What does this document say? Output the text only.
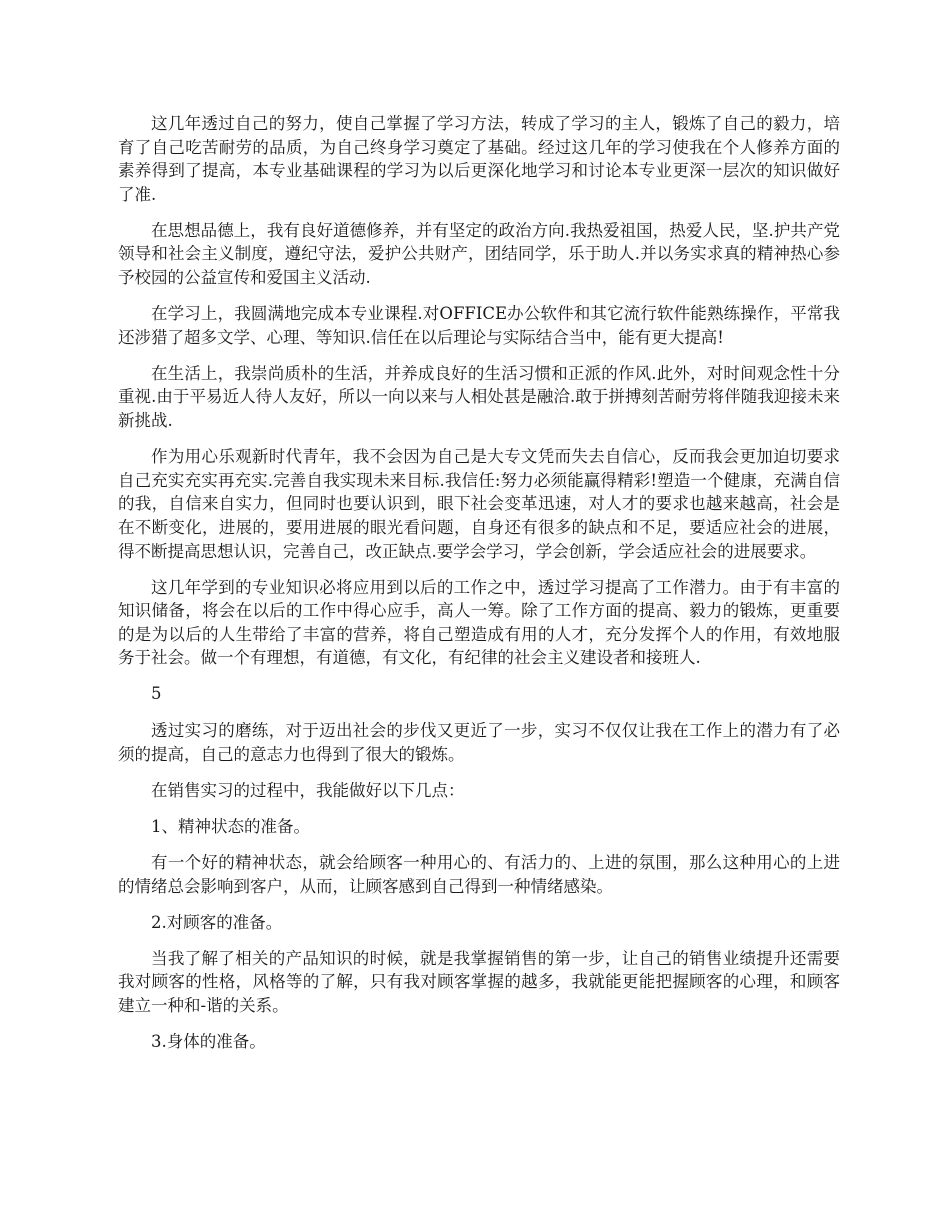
这几年透过自己的努力，使自己掌握了学习方法，转成了学习的主人，锻炼了自己的毅力，培育了自己吃苦耐劳的品质，为自己终身学习奠定了基础。经过这几年的学习使我在个人修养方面的素养得到了提高，本专业基础课程的学习为以后更深化地学习和讨论本专业更深一层次的知识做好了准.

在思想品德上，我有良好道德修养，并有坚定的政治方向.我热爱祖国，热爱人民，坚.护共产党领导和社会主义制度，遵纪守法，爱护公共财产，团结同学，乐于助人.并以务实求真的精神热心参予校园的公益宣传和爱国主义活动.

在学习上，我圆满地完成本专业课程.对OFFICE办公软件和其它流行软件能熟练操作，平常我还涉猎了超多文学、心理、等知识.信任在以后理论与实际结合当中，能有更大提高!

在生活上，我崇尚质朴的生活，并养成良好的生活习惯和正派的作风.此外，对时间观念性十分重视.由于平易近人待人友好，所以一向以来与人相处甚是融洽.敢于拼搏刻苦耐劳将伴随我迎接未来新挑战.

作为用心乐观新时代青年，我不会因为自己是大专文凭而失去自信心，反而我会更加迫切要求自己充实充实再充实.完善自我实现未来目标.我信任:努力必须能赢得精彩!塑造一个健康，充满自信的我，自信来自实力，但同时也要认识到，眼下社会变革迅速，对人才的要求也越来越高，社会是在不断变化，进展的，要用进展的眼光看问题，自身还有很多的缺点和不足，要适应社会的进展，得不断提高思想认识，完善自己，改正缺点.要学会学习，学会创新，学会适应社会的进展要求。

这几年学到的专业知识必将应用到以后的工作之中，透过学习提高了工作潜力。由于有丰富的知识储备，将会在以后的工作中得心应手，高人一筹。除了工作方面的提高、毅力的锻炼，更重要的是为以后的人生带给了丰富的营养，将自己塑造成有用的人才，充分发挥个人的作用，有效地服务于社会。做一个有理想，有道德，有文化，有纪律的社会主义建设者和接班人.

5

透过实习的磨练，对于迈出社会的步伐又更近了一步，实习不仅仅让我在工作上的潜力有了必须的提高，自己的意志力也得到了很大的锻炼。

在销售实习的过程中，我能做好以下几点：

1、精神状态的准备。

有一个好的精神状态，就会给顾客一种用心的、有活力的、上进的氛围，那么这种用心的上进的情绪总会影响到客户，从而，让顾客感到自己得到一种情绪感染。

2.对顾客的准备。

当我了解了相关的产品知识的时候，就是我掌握销售的第一步，让自己的销售业绩提升还需要我对顾客的性格，风格等的了解，只有我对顾客掌握的越多，我就能更能把握顾客的心理，和顾客建立一种和-谐的关系。

3.身体的准备。
